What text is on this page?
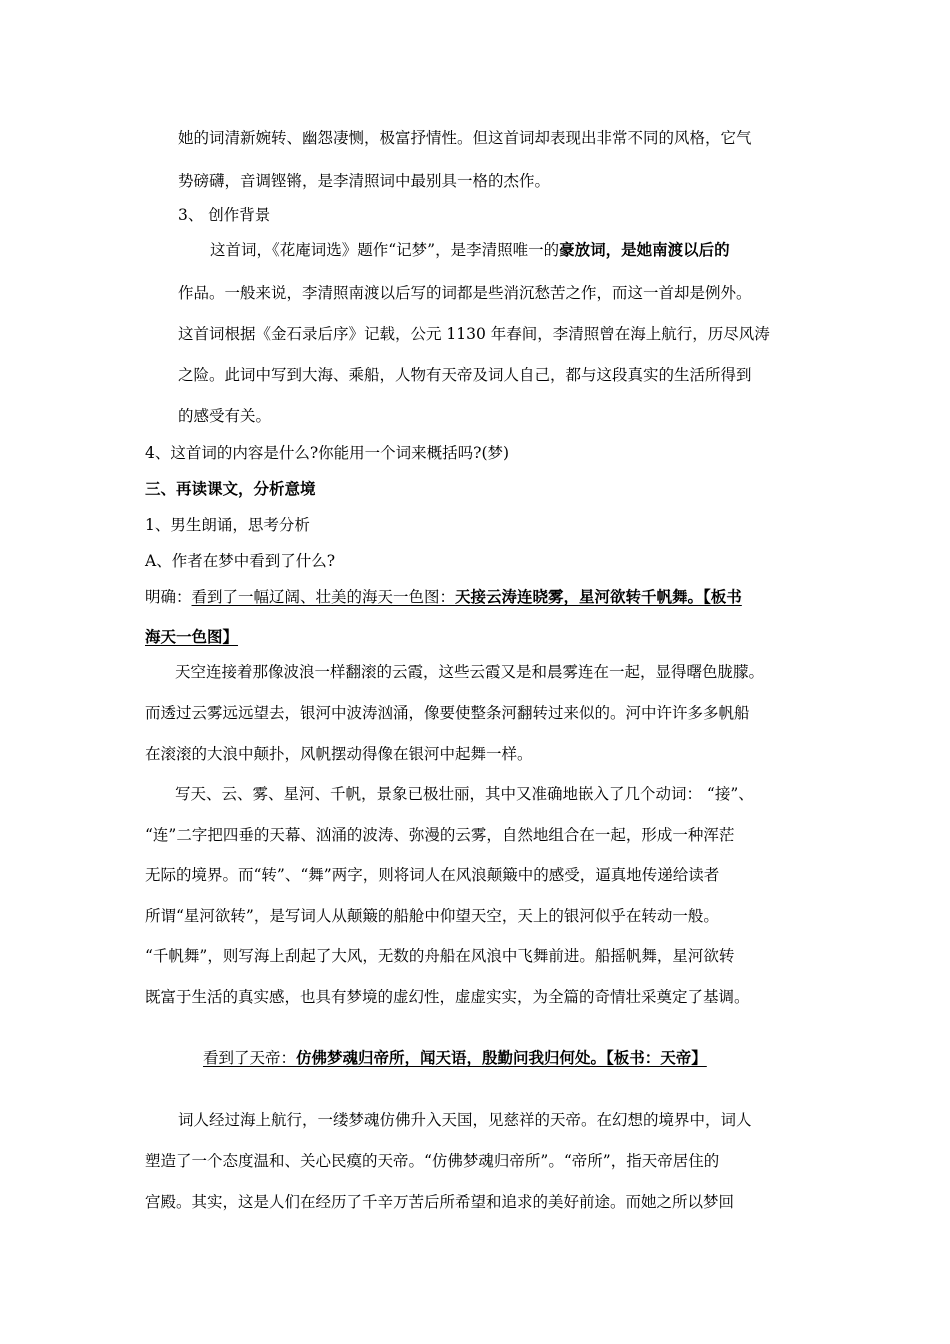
她的词清新婉转、幽怨凄恻，极富抒情性。但这首词却表现出非常不同的风格，它气
势磅礴，音调铿锵，是李清照词中最别具一格的杰作。
3、 创作背景
这首词，《花庵词选》题作“记梦”，是李清照唯一的豪放词，是她南渡以后的
作品。一般来说，李清照南渡以后写的词都是些消沉愁苦之作，而这一首却是例外。
这首词根据《金石录后序》记载，公元 1130 年春间，李清照曾在海上航行，历尽风涛
之险。此词中写到大海、乘船，人物有天帝及词人自己，都与这段真实的生活所得到
的感受有关。
4、这首词的内容是什么?你能用一个词来概括吗?(梦)
三、再读课文，分析意境
1、男生朗诵，思考分析
A、作者在梦中看到了什么?
明确：看到了一幅辽阔、壮美的海天一色图：天接云涛连晓雾，星河欲转千帆舞。【板书
海天一色图】
天空连接着那像波浪一样翻滚的云霞，这些云霞又是和晨雾连在一起，显得曙色胧朦。
而透过云雾远远望去，银河中波涛汹涌，像要使整条河翻转过来似的。河中许许多多帆船
在滚滚的大浪中颠扑，风帆摆动得像在银河中起舞一样。
写天、云、雾、星河、千帆，景象已极壮丽，其中又准确地嵌入了几个动词： “接”、
“连”二字把四垂的天幕、汹涌的波涛、弥漫的云雾，自然地组合在一起，形成一种浑茫
无际的境界。而“转”、“舞”两字，则将词人在风浪颠簸中的感受，逼真地传递给读者
所谓“星河欲转”，是写词人从颠簸的船舱中仰望天空，天上的银河似乎在转动一般。
“千帆舞”，则写海上刮起了大风，无数的舟船在风浪中飞舞前进。船摇帆舞，星河欲转
既富于生活的真实感，也具有梦境的虚幻性，虚虚实实，为全篇的奇情壮采奠定了基调。
看到了天帝：仿佛梦魂归帝所，闻天语，殷勤问我归何处。【板书：天帝】
词人经过海上航行，一缕梦魂仿佛升入天国，见慈祥的天帝。在幻想的境界中，词人
塑造了一个态度温和、关心民瘼的天帝。“仿佛梦魂归帝所”。“帝所”，指天帝居住的
宫殿。其实，这是人们在经历了千辛万苦后所希望和追求的美好前途。而她之所以梦回
